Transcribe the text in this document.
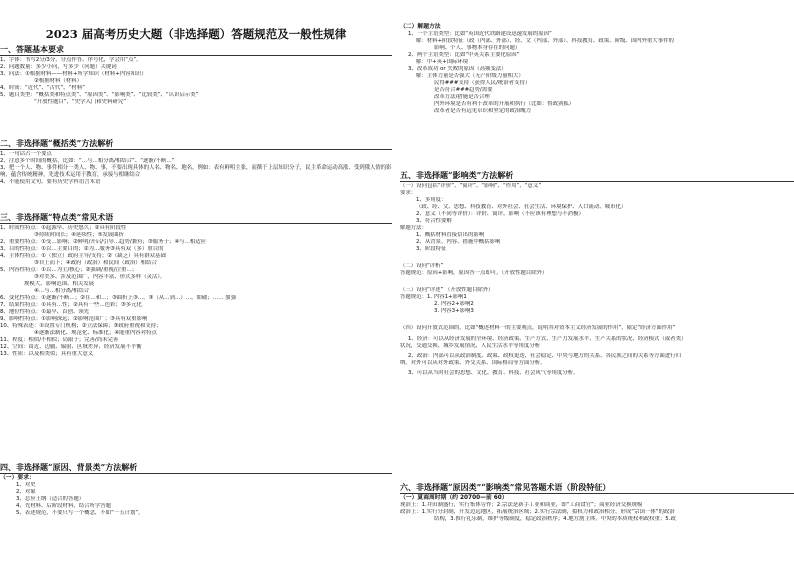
2023 届高考历史大题（非选择题）答题规范及一般性规律
一、答题基本要求
1、字体：书写2分/3分，分点作答、序号化，学会用“点”。
2、问题数量：多少小问，写多少（问题）关键词
3、问法：①根据材料——材料+所学知识（材料+内容知识）
②根据材料（材料）
4、时间：“近代”、“古代”、“材料”
5、题目类型：“概括类和特点类”、“原因类”、“影响类”、“比较类”、“认识启示类”
“开放性题目”，“史学入门和史料研究”
二、非选择题“概括类”方法解析
1、一句话占一个要点
2、注意多个时间的概括，比如：“…与…相分离/相结合”、“逐渐/不断…”
3、把一个人、物、事件相分一类人、物、事，不要出现具体的人名、物名、地名，例如：表有鲜明主张，而撰于上层知识分子，民主革命运动高涨，受到俄人情的影响，蕴含传统精神，先进技术运用于教育，承接与相继结合
4、不能使用文句，要有历史学科语言术语
三、非选择题“特点类”常见术语
1、时间性特点：①起源早、历史悠久；②具有阶段性
③持续时间长；④延续性；⑤发展曲折
2、重要性特点：①受…影响；②鲜明/开启/引导…趋势/兼有；③服务于；④与…相适应
3、目的性特点：①以…主要目的；②为…服务③具有双（多）重目的
4、主体性特点：①（独立）政府主导/支持；②（缺乏）具有群众基础
③自上而下；④政府（政治）和民间（政治）相结合
5、内容性特点：①以…为主/核心；②强调/重视/注重…；
③对美多、涉及范围广、内容丰富、形式多样（灵活）。
规模大、影响范围、相关发展
④…与…相分离/相结合
6、变化性特点：①逐渐/不断…；②在…和…；③曲折上③…。③（从…到…）…，如破；…… 加强
7、结果性特点：①具有…性；②具有一些…色彩；③多元化
8、地位性特点：①最早、首创、领先
9、影响性特点：①影响深远；②影响范围广；③具有双重影响
10、特殊表述：①设置专门机构；②立法保障；③政府重视和支持；
④逐渐法制化、规范化、标准化；④能重内容对特点
11、程度：相似/不相似；局限于；完善/尚未完善
12、空间：由近、边疆、辐射、区域差异、经济发展不平衡
13、性质：以及相类似；具有重大意义
四、非选择题“原因、背景类”方法解析
（一）要求：
1、对史
2、对象
3、总应土纲（适合的答题）
4、先材料、后阶段材料，结合所学答题
5、表述规范，不要只写一个概念，不如“一五计划”。
（二）解题方法
1、一个主语类型：比如“英国近代铁路建设迅速发展的原因”
解：材料+阶段特征（政（内部、外部）、经、文（内部、外部）、科技教育、政策、阶级、国内外重大事件的
影响、个人、事物本身存在的问题）
2、两个主语类型：比如“中英关系主要化原因”
解：中+英+国际环境
3、改革成功 or 失败的原因（高频变法）
解：主体力量是否强大（无产阶级力量相大）
民得###支持（获得人民/统治者支持）
是否符合###趋势/需要
改革方法/措施是否合理
内外环境是否有利于改革的开展和执行（比如：督政剑狐）
改革者是否有远见卓识和坚定的政治魄力
五、非选择题“影响类”方法解析
（一）设问包括“评价”、“简评”、“影响”、“作用”、“意义”
要求：
1、多角度：
（政、经、文、思想、科技教育、对外社会、社会生活、环境保护、人口流动、城市化）
2、意义（不同等评价）：评价、简评、影响（不应该有理想与不消极）
3、符合性要解
解题方法：
1、概括材料直接信出的影响
2、从背景、内容、措施中概括影响
3、阶段特征
（二）设问“评析”
答题规范：原因+影响，原因答一点即可。（开放性题目除外）
（三）设问“评述” （开放性题目除外）
答题规范：1. 内容1+影响1
2. 内容2+影响2
3. 内容3+影响3
（四）设问开放式范围的，比如“概述材料一的主要观点，说明其对资本主义经济发展的作用”，限定“经济方面作用”
1、经济：可以从经济发展的全环境、经济政策、生产方式、生产力发展水平、生产关系的状况、经济模式（或者类）
状况，交通交换、城乡发展情况、人民生活水平等角度分析
2、政治：内部可以从政治制度、政策、政权更迭、社会稳定、中央与地方的关系、各民族之间的关系等方面进行归
纳。对外可以从对外政策、外交关系、国际格局等方面分析。
3、可以从当时社会的思想、文化、教育、科技、社会风气等角度分析。
六、非选择题“原因类”“影响类”常见答题术语（阶段特征）
（一）夏商周时期（约 20700—前 60）
现治上：1.井田制盛行，实行集体劳作；2.宗法是新手工业和商业，即“工商食官”；商业经济交换规模
政治上：1.实行分封制，开发边远地区，拓展统治区域；2.实行宗法制，拟权力和政治相分，形成“宗国一体”的政治
结构，3.推行礼乐制，维护等级制度，稳定政治秩序；4.地方割主体，中央的本质统权利政权重；5.政
